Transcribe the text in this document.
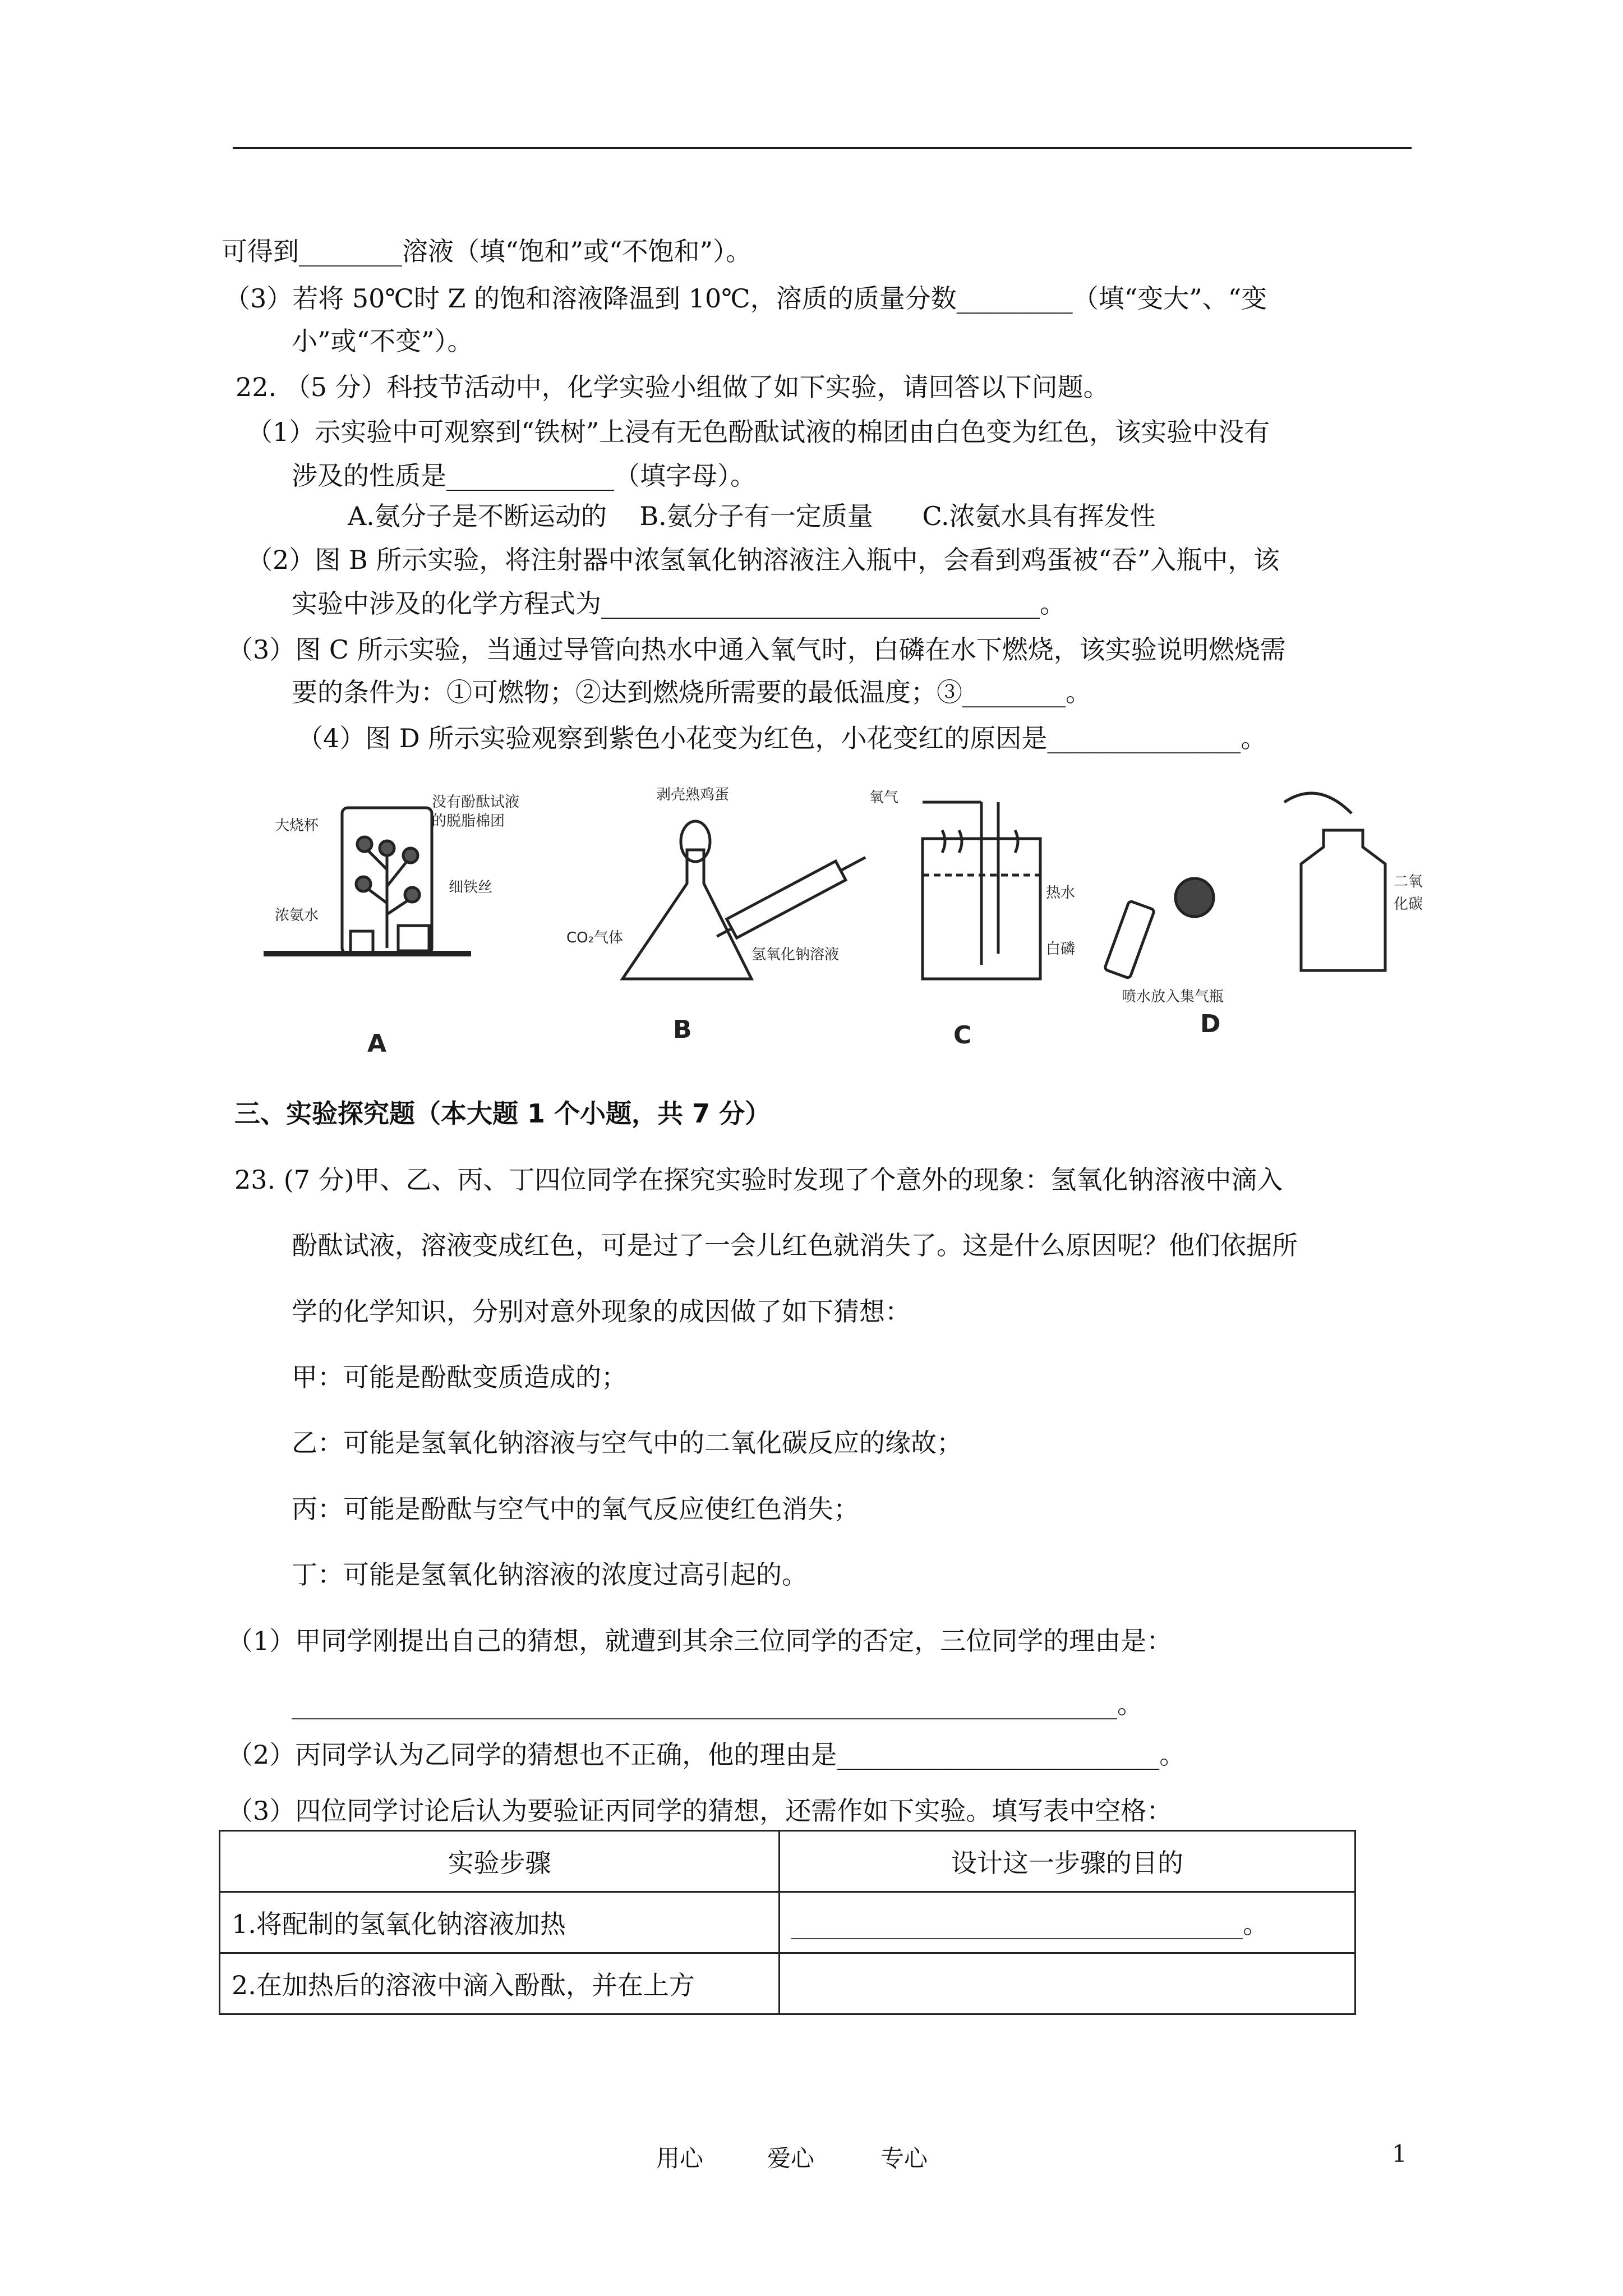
可得到________溶液（填“饱和”或“不饱和”）。
（3）若将 50℃时 Z 的饱和溶液降温到 10℃，溶质的质量分数_________（填“变大”、“变
小”或“不变”）。
22. （5 分）科技节活动中，化学实验小组做了如下实验，请回答以下问题。
（1）示实验中可观察到“铁树”上浸有无色酚酞试液的棉团由白色变为红色，该实验中没有
涉及的性质是_____________（填字母）。
A.氨分子是不断运动的    B.氨分子有一定质量      C.浓氨水具有挥发性
（2）图 B 所示实验，将注射器中浓氢氧化钠溶液注入瓶中，会看到鸡蛋被“吞”入瓶中，该
实验中涉及的化学方程式为__________________________________。
（3）图 C 所示实验，当通过导管向热水中通入氧气时，白磷在水下燃烧，该实验说明燃烧需
要的条件为：①可燃物；②达到燃烧所需要的最低温度；③________。
（4）图 D 所示实验观察到紫色小花变为红色，小花变红的原因是_______________。
没有酚酞试液
的脱脂棉团
大烧杯
细铁丝
浓氨水
剥壳熟鸡蛋
CO₂气体
氢氧化钠溶液
氧气
热水
白磷
二氧
化碳
喷水放入集气瓶
A	B	C	D
三、实验探究题（本大题 1 个小题，共 7 分）
23. (7 分)甲、乙、丙、丁四位同学在探究实验时发现了个意外的现象：氢氧化钠溶液中滴入
酚酞试液，溶液变成红色，可是过了一会儿红色就消失了。这是什么原因呢？他们依据所
学的化学知识，分别对意外现象的成因做了如下猜想：
甲：可能是酚酞变质造成的；
乙：可能是氢氧化钠溶液与空气中的二氧化碳反应的缘故；
丙：可能是酚酞与空气中的氧气反应使红色消失；
丁：可能是氢氧化钠溶液的浓度过高引起的。
（1）甲同学刚提出自己的猜想，就遭到其余三位同学的否定，三位同学的理由是：
________________________________________________________________。
（2）丙同学认为乙同学的猜想也不正确，他的理由是_________________________。
（3）四位同学讨论后认为要验证丙同学的猜想，还需作如下实验。填写表中空格：
实验步骤	设计这一步骤的目的
1.将配制的氢氧化钠溶液加热	___________________________________。
2.在加热后的溶液中滴入酚酞，并在上方	
用心	爱心	专心	1
